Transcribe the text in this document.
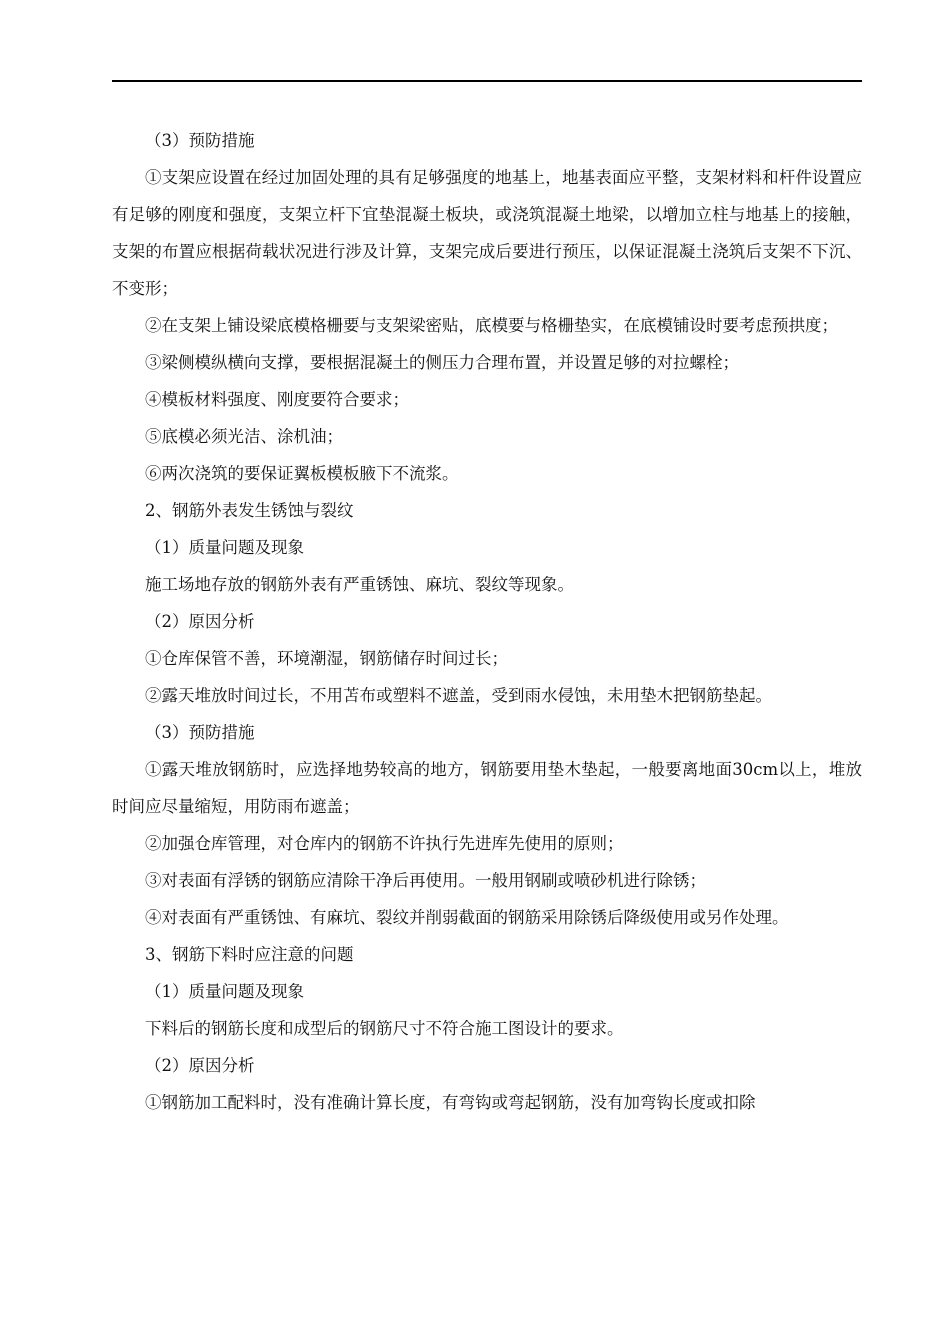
（3）预防措施

①支架应设置在经过加固处理的具有足够强度的地基上，地基表面应平整，支架材料和杆件设置应有足够的刚度和强度，支架立杆下宜垫混凝土板块，或浇筑混凝土地梁，以增加立柱与地基上的接触，支架的布置应根据荷载状况进行涉及计算，支架完成后要进行预压，以保证混凝土浇筑后支架不下沉、不变形；

②在支架上铺设梁底模格栅要与支架梁密贴，底模要与格栅垫实，在底模铺设时要考虑预拱度；

③梁侧模纵横向支撑，要根据混凝土的侧压力合理布置，并设置足够的对拉螺栓；

④模板材料强度、刚度要符合要求；

⑤底模必须光洁、涂机油；

⑥两次浇筑的要保证翼板模板腋下不流浆。

2、钢筋外表发生锈蚀与裂纹

（1）质量问题及现象

施工场地存放的钢筋外表有严重锈蚀、麻坑、裂纹等现象。

（2）原因分析

①仓库保管不善，环境潮湿，钢筋储存时间过长；

②露天堆放时间过长，不用苫布或塑料不遮盖，受到雨水侵蚀，未用垫木把钢筋垫起。

（3）预防措施

①露天堆放钢筋时，应选择地势较高的地方，钢筋要用垫木垫起，一般要离地面30cm以上，堆放时间应尽量缩短，用防雨布遮盖；

②加强仓库管理，对仓库内的钢筋不许执行先进库先使用的原则；

③对表面有浮锈的钢筋应清除干净后再使用。一般用钢刷或喷砂机进行除锈；

④对表面有严重锈蚀、有麻坑、裂纹并削弱截面的钢筋采用除锈后降级使用或另作处理。

3、钢筋下料时应注意的问题

（1）质量问题及现象

下料后的钢筋长度和成型后的钢筋尺寸不符合施工图设计的要求。

（2）原因分析

①钢筋加工配料时，没有准确计算长度，有弯钩或弯起钢筋，没有加弯钩长度或扣除
